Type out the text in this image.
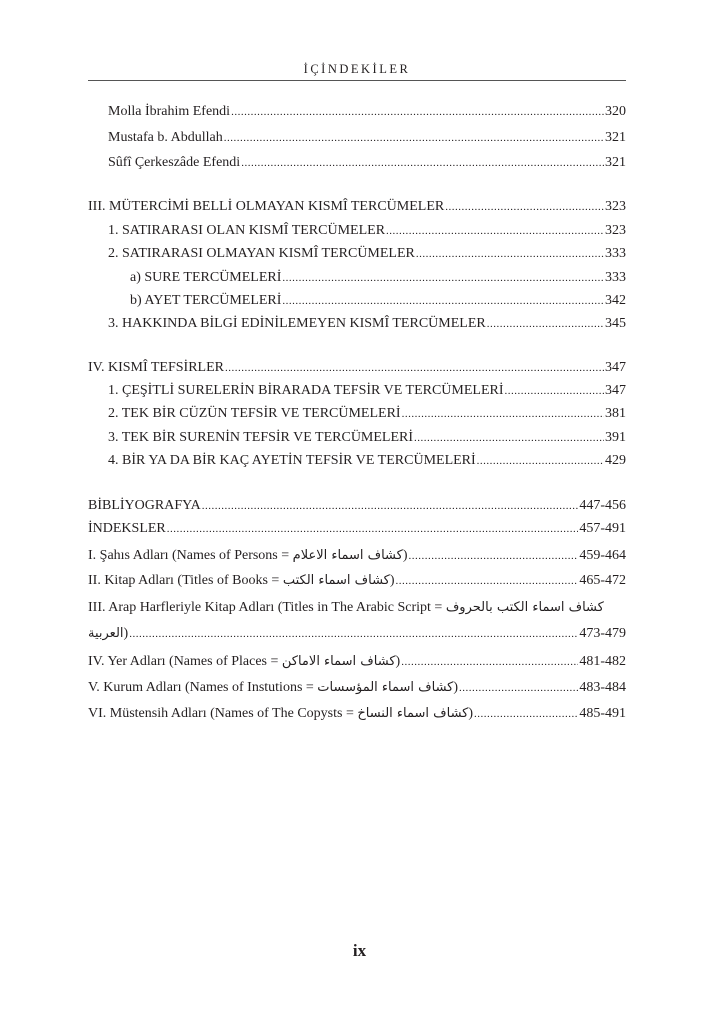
İÇİNDEKİLER
Molla İbrahim Efendi .....	320
Mustafa b. Abdullah .....	321
Sûfî Çerkeszâde Efendi .....	321
III. MÜTERCİMİ BELLİ OLMAYAN KISMÎ TERCÜMELER .....	323
1. SATIRARASI OLAN KISMÎ TERCÜMELER .....	323
2. SATIRARASI OLMAYAN KISMÎ TERCÜMELER .....	333
a) SURE TERCÜMELERİ .....	333
b) AYET TERCÜMELERİ .....	342
3. HAKKINDA BİLGİ EDİNİLEMEYEN KISMÎ TERCÜMELER .....	345
IV. KISMÎ TEFSİRLER .....	347
1. ÇEŞİTLİ SURELERİN BİRARADA TEFSİR VE TERCÜMELERİ .....	347
2. TEK BİR CÜZÜN TEFSİR VE TERCÜMELERİ .....	381
3. TEK BİR SURENİN TEFSİR VE TERCÜMELERİ .....	391
4. BİR YA DA BİR KAÇ AYETİN TEFSİR VE TERCÜMELERİ .....	429
BİBLİYOGRAFYA .....	447-456
İNDEKSLER .....	457-491
I. Şahıs Adları (Names of Persons = كشاف اسماء الاعلام) .....	459-464
II. Kitap Adları (Titles of Books = كشاف اسماء الكتب) .....	465-472
III. Arap Harfleriyle Kitap Adları (Titles in The Arabic Script = كشاف اسماء الكتب بالحروف
العربية) .....	473-479
IV. Yer Adları (Names of Places = كشاف اسماء الاماكن) .....	481-482
V. Kurum Adları (Names of Instutions = كشاف اسماء المؤسسات) .....	483-484
VI. Müstensih Adları (Names of The Copysts = كشاف اسماء النساخ) .....	485-491
ix
